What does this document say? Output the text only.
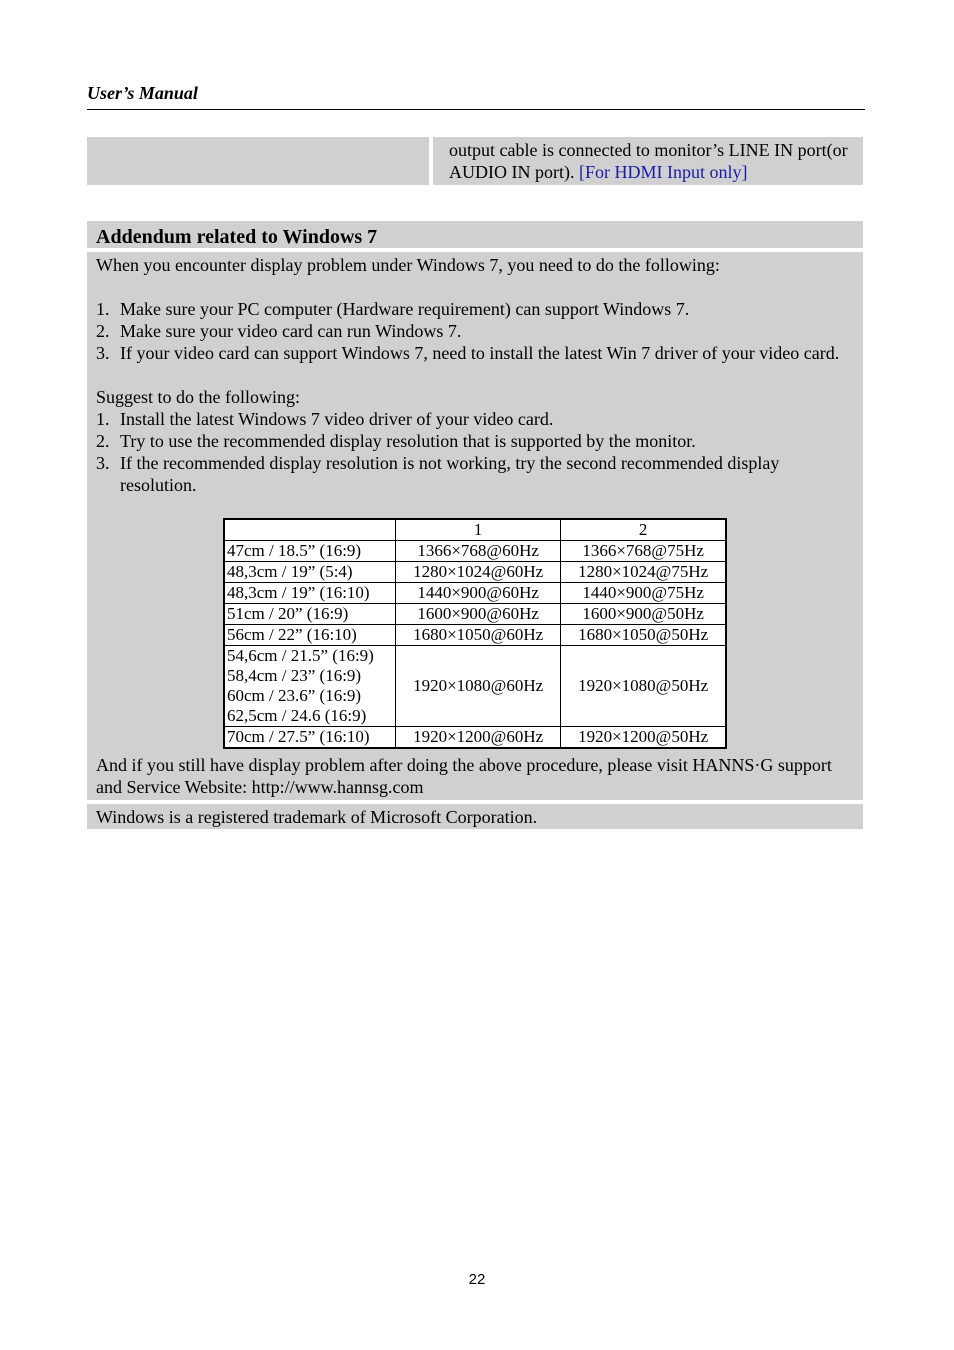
User’s Manual
output cable is connected to monitor’s LINE IN port(or AUDIO IN port). [For HDMI Input only]
Addendum related to Windows 7

When you encounter display problem under Windows 7, you need to do the following:

1. Make sure your PC computer (Hardware requirement) can support Windows 7.
2. Make sure your video card can run Windows 7.
3. If your video card can support Windows 7, need to install the latest Win 7 driver of your video card.

Suggest to do the following:

1. Install the latest Windows 7 video driver of your video card.
2. Try to use the recommended display resolution that is supported by the monitor.
3. If the recommended display resolution is not working, try the second recommended display resolution.
	1	2

47cm / 18.5” (16:9)	1366×768@60Hz	1366×768@75Hz

48,3cm / 19” (5:4)	1280×1024@60Hz	1280×1024@75Hz

48,3cm / 19” (16:10)	1440×900@60Hz	1440×900@75Hz

51cm / 20” (16:9)	1600×900@60Hz	1600×900@50Hz

56cm / 22” (16:10)	1680×1050@60Hz	1680×1050@50Hz

54,6cm / 21.5” (16:9)
58,4cm / 23” (16:9)
60cm / 23.6” (16:9)
62,5cm / 24.6 (16:9)	1920×1080@60Hz	1920×1080@50Hz

70cm / 27.5” (16:10)	1920×1200@60Hz	1920×1200@50Hz

And if you still have display problem after doing the above procedure, please visit HANNS·G support and Service Website: http://www.hannsg.com

Windows is a registered trademark of Microsoft Corporation.
22
